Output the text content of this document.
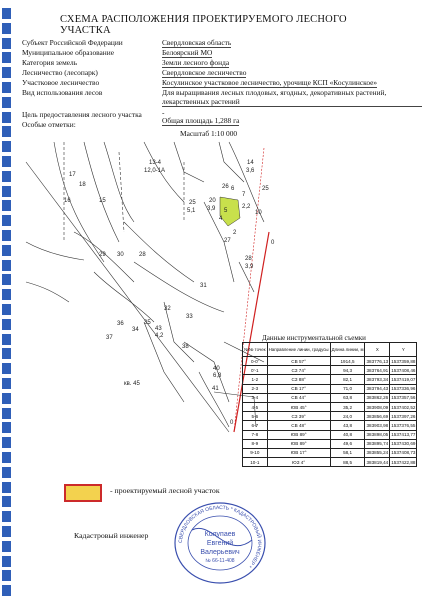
СХЕМА РАСПОЛОЖЕНИЯ ПРОЕКТИРУЕМОГО ЛЕСНОГО УЧАСТКА
Субъект Российской Федерации	Свердловская область
Муниципальное образование	Белоярский МО
Категория земель	Земли лесного фонда
Лесничество (лесопарк)	Свердловское лесничество
Участковое лесничество	Косулинское участковое лесничество, урочище КСП «Косулинское»
Вид использования лесов	Для выращивания лесных плодовых, ягодных, декоративных растений, лекарственных растений
Цель предоставления лесного участка	-
Особые отметки:	Общая площадь 1,288 га
Масштаб 1:10 000
13-4
12,0-1А
14
3,6
17
18
16	15	25
5,1
20
3,9
26 6
2,2
5
4
7
25
10
2
27
28
3,9
29 30	28
31
32
33
35
36
37
34	43
4,2
38
40
6,8
41
кв. 45
0
0
Данные инструментальной съемки
№№ точек	Направление линии, градусы	Длина линии, м	X	Y
0-0'	СВ 57°	1914,5	383776,13	1537359,88
0'-1	СЗ 74°	94,3	383764,91	1537408,46
1-2	СЗ 88°	82,1	383793,34	1537419,07
2-3	СВ 17°	71,0	383794,43	1537336,96
3-4	СВ 44°	63,8	383862,26	1537357,56
4-5	ЮВ 45°	35,2	383908,09	1537402,52
5-6	СЗ 39°	24,0	383856,69	1537397,26
6-7	СВ 48°	43,8	383903,98	1537376,55
7-8	ЮВ 89°	40,8	383898,05	1537413,77
8-9	ЮВ 89°	49,6	383895,74	1537430,69
9-10	ЮВ 17°	58,1	383855,24	1537408,73
10-1	ЮЗ 4°	88,5	383819,44	1537422,88
- проектируемый лесной участок
Кадастровый инженер
СВЕРДЛОВСКАЯ ОБЛАСТЬ * КАДАСТРОВЫЙ ИНЖЕНЕР *
Колупаев
Евгений
Валерьевич
№ 66-11-408
